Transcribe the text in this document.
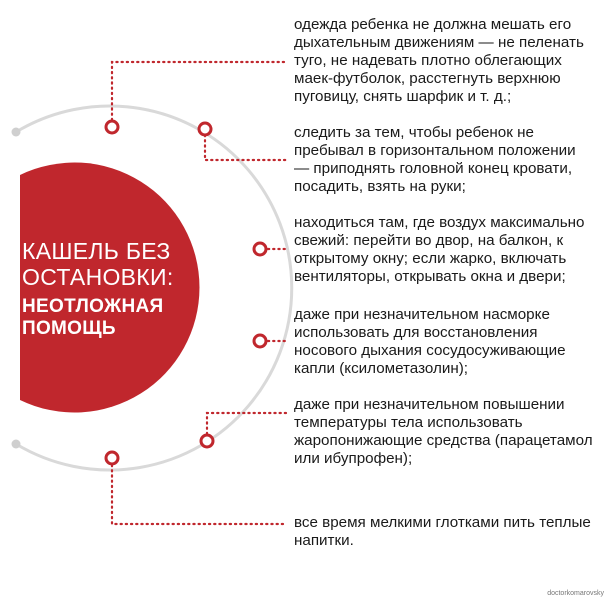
КАШЕЛЬ БЕЗ
ОСТАНОВКИ:
НЕОТЛОЖНАЯ
ПОМОЩЬ

одежда ребенка не должна мешать его дыхательным движениям — не пеленать туго, не надевать плотно облегающих маек-футболок, расстегнуть верхнюю пуговицу, снять шарфик и т. д.;

следить за тем, чтобы ребенок не пребывал в горизонтальном положении — приподнять головной конец кровати, посадить, взять на руки;

находиться там, где воздух максимально свежий: перейти во двор, на балкон, к открытому окну; если жарко, включать вентиляторы, открывать окна и двери;

даже при незначительном насморке использовать для восстановления носового дыхания сосудосуживающие капли (ксилометазолин);

даже при незначительном повышении температуры тела использовать жаропонижающие средства (парацетамол или ибупрофен);

все время мелкими глотками пить теплые напитки.

doctorkomarovsky
